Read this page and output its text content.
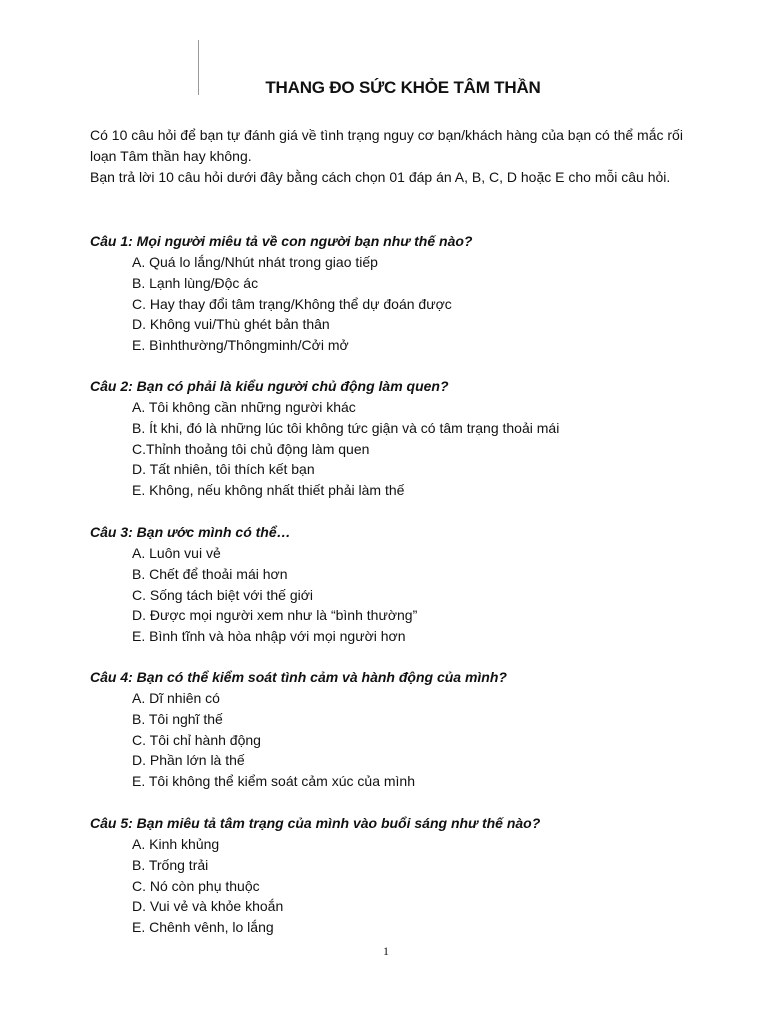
THANG ĐO SỨC KHỎE TÂM THẦN

Có 10 câu hỏi để bạn tự đánh giá về tình trạng nguy cơ bạn/khách hàng của bạn có thể mắc rối loạn Tâm thần hay không.

Bạn trả lời 10 câu hỏi dưới đây bằng cách chọn 01 đáp án A, B, C, D hoặc E cho mỗi câu hỏi.

Câu 1: Mọi người miêu tả về con người bạn như thế nào?

A. Quá lo lắng/Nhút nhát trong giao tiếp
B. Lạnh lùng/Độc ác
C. Hay thay đổi tâm trạng/Không thể dự đoán được
D. Không vui/Thù ghét bản thân
E. Bìnhthường/Thôngminh/Cởi mở

Câu 2: Bạn có phải là kiểu người chủ động làm quen?

A. Tôi không cần những người khác
B. Ít khi, đó là những lúc tôi không tức giận và có tâm trạng thoải mái
C.Thỉnh thoảng tôi chủ động làm quen
D. Tất nhiên, tôi thích kết bạn
E. Không, nếu không nhất thiết phải làm thế

Câu 3: Bạn ước mình có thể…

A. Luôn vui vẻ
B. Chết để thoải mái hơn
C. Sống tách biệt với thế giới
D. Được mọi người xem như là “bình thường”
E. Bình tĩnh và hòa nhập với mọi người hơn

Câu 4: Bạn có thể kiểm soát tình cảm và hành động của mình?

A. Dĩ nhiên có
B. Tôi nghĩ thế
C. Tôi chỉ hành động
D. Phần lớn là thế
E. Tôi không thể kiểm soát cảm xúc của mình

Câu 5: Bạn miêu tả tâm trạng của mình vào buổi sáng như thế nào?

A. Kinh khủng
B. Trống trải
C. Nó còn phụ thuộc
D. Vui vẻ và khỏe khoắn
E. Chênh vênh, lo lắng
1
